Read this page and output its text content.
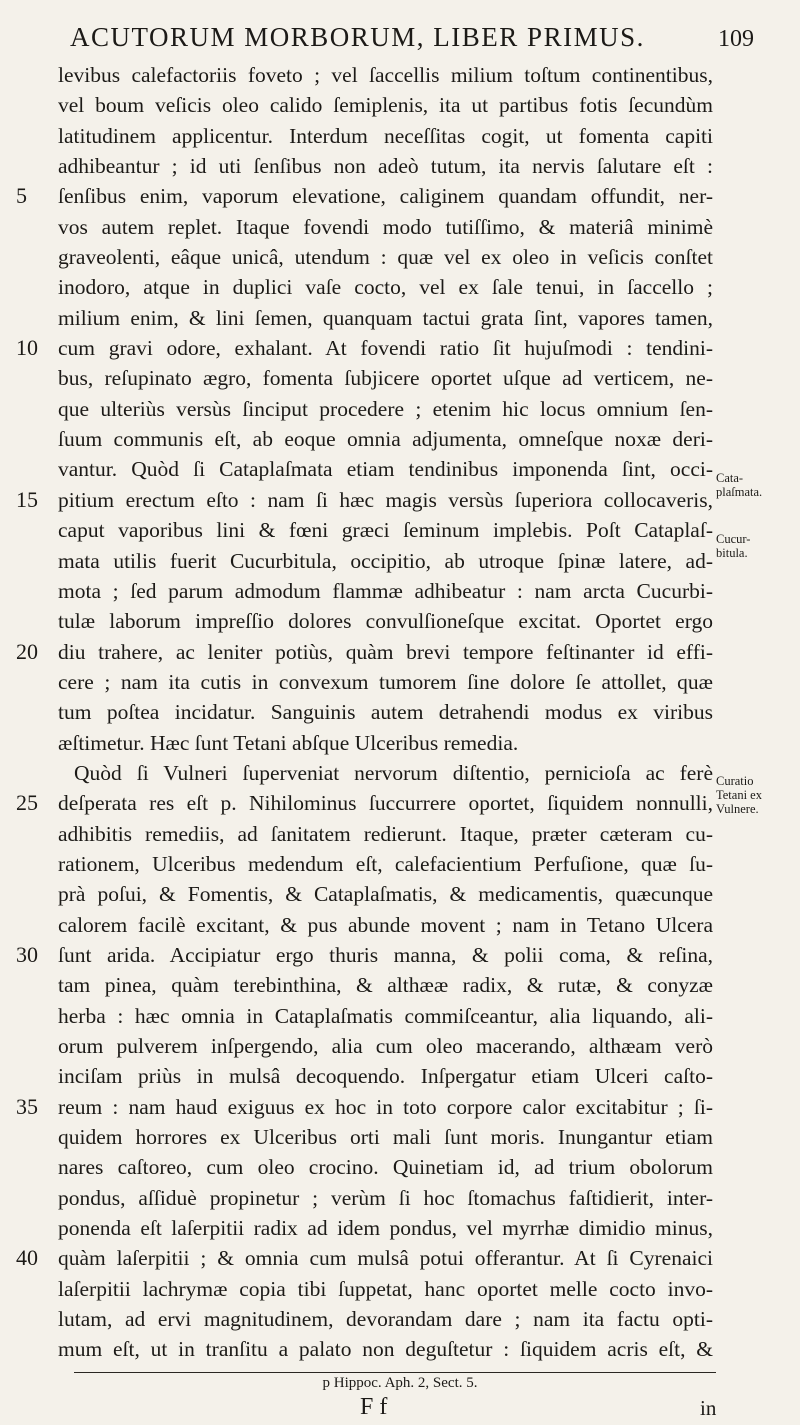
ACUTORUM MORBORUM, LIBER PRIMUS.	109
levibus calefactoriis foveto ; vel ſaccellis milium toſtum continentibus,
vel boum veſicis oleo calido ſemiplenis, ita ut partibus fotis ſecundùm
latitudinem applicentur. Interdum neceſſitas cogit, ut fomenta capiti
adhibeantur ; id uti ſenſibus non adeò tutum, ita nervis ſalutare eſt :
5	ſenſibus enim, vaporum elevatione, caliginem quandam offundit, ner-
vos autem replet. Itaque fovendi modo tutiſſimo, & materiâ minimè
graveolenti, eâque unicâ, utendum : quæ vel ex oleo in veſicis conſtet
inodoro, atque in duplici vaſe coctо, vel ex ſale tenui, in ſaccello ;
milium enim, & lini ſemen, quanquam tactui grata ſint, vapores tamen,
10 cum gravi odore, exhalant. At fovendi ratio ſit hujuſmodi : tendini-
bus, reſupinato ægro, fomenta ſubjicere oportet uſque ad verticem, ne-
que ulteriùs versùs ſinciput procedere ; etenim hic locus omnium ſen-
ſuum communis eſt, ab eoque omnia adjumenta, omneſque noxæ deri-
vantur. Quòd ſi Cataplaſmata etiam tendinibus imponenda ſint, occi-
15 pitium erectum eſto : nam ſi hæc magis versùs ſuperiora collocaveris,
caput vaporibus lini & fœni græci ſeminum implebis. Poſt Cataplaſ-
mata utilis fuerit Cucurbitula, occipitio, ab utroque ſpinæ latere, ad-
mota ; ſed parum admodum flammæ adhibeatur : nam arcta Cucurbi-
tulæ laborum impreſſio dolores convulſioneſque excitat. Oportet ergo
20 diu trahere, ac leniter potiùs, quàm brevi tempore feſtinanter id effi-
cere ; nam ita cutis in convexum tumorem ſine dolore ſe attollet, quæ
tum poſtea incidatur. Sanguinis autem detrahendi modus ex viribus
æſtimetur. Hæc ſunt Tetani abſque Ulceribus remedia.
Quòd ſi Vulneri ſuperveniat nervorum diſtentio, pernicioſa ac ferè
25 deſperata res eſt p. Nihilominus ſuccurrere oportet, ſiquidem nonnulli,
adhibitis remediis, ad ſanitatem redierunt. Itaque, præter cæteram cu-
rationem, Ulceribus medendum eſt, calefacientium Perfuſione, quæ ſu-
prà poſui, & Fomentis, & Cataplaſmatis, & medicamentis, quæcunque
calorem facilè excitant, & pus abunde movent ; nam in Tetano Ulcera
30 ſunt arida. Accipiatur ergo thuris manna, & polii coma, & reſina,
tam pinea, quàm terebinthina, & althææ radix, & rutæ, & conyzæ
herba : hæc omnia in Cataplaſmatis commiſceantur, alia liquando, ali-
orum pulverem inſpergendo, alia cum oleo macerando, althæam verò
inciſam priùs in mulsâ decoquendo. Inſpergatur etiam Ulceri caſto-
35 reum : nam haud exiguus ex hoc in toto corpore calor excitabitur ; ſi-
quidem horrores ex Ulceribus orti mali ſunt moris. Inungantur etiam
nares caſtoreo, cum oleo crocino. Quinetiam id, ad trium obolorum
pondus, aſſiduè propinetur ; verùm ſi hoc ſtomachus faſtidierit, inter-
ponenda eſt laſerpitii radix ad idem pondus, vel myrrhæ dimidio minus,
40 quàm laſerpitii ; & omnia cum mulsâ potui offerantur. At ſi Cyrenaici
laſerpitii lachrymæ copia tibi ſuppetat, hanc oportet melle coctо invo-
lutam, ad ervi magnitudinem, devorandam dare ; nam ita factu opti-
mum eſt, ut in tranſitu a palato non deguſtetur : ſiquidem acris eſt, &
Cata-
plaſmata.
Cucur-
bitula.
Curatio
Tetani ex
Vulnere.
p Hippoc. Aph. 2, Sect. 5.
Ff	in
